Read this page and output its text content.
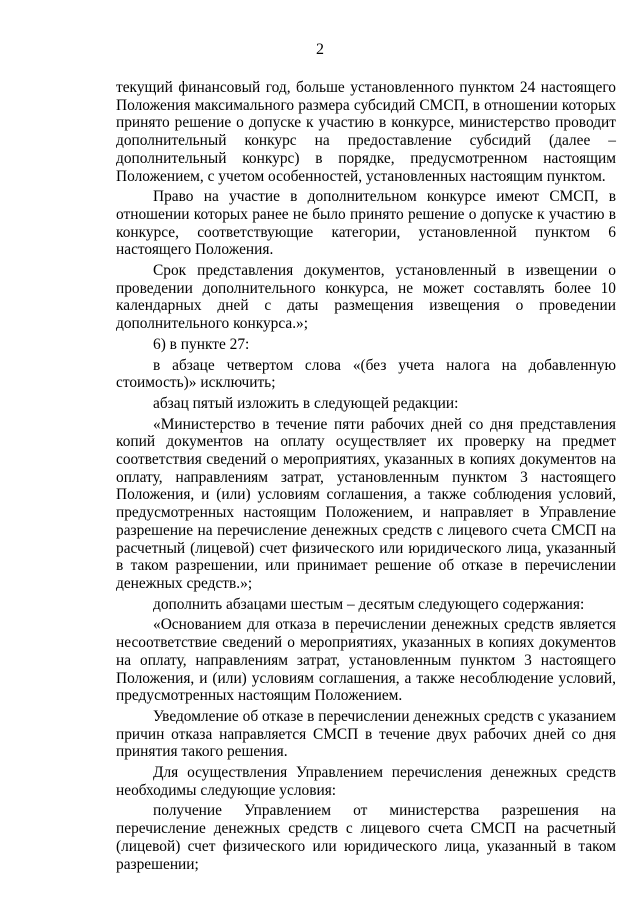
2

текущий финансовый год, больше установленного пунктом 24 настоящего Положения максимального размера субсидий СМСП, в отношении которых принято решение о допуске к участию в конкурсе, министерство проводит дополнительный конкурс на предоставление субсидий (далее – дополнительный конкурс) в порядке, предусмотренном настоящим Положением, с учетом особенностей, установленных настоящим пунктом.

Право на участие в дополнительном конкурсе имеют СМСП, в отношении которых ранее не было принято решение о допуске к участию в конкурсе, соответствующие категории, установленной пунктом 6 настоящего Положения.

Срок представления документов, установленный в извещении о проведении дополнительного конкурса, не может составлять более 10 календарных дней с даты размещения извещения о проведении дополнительного конкурса.»;

6) в пункте 27:

в абзаце четвертом слова «(без учета налога на добавленную стоимость)» исключить;

абзац пятый изложить в следующей редакции:

«Министерство в течение пяти рабочих дней со дня представления копий документов на оплату осуществляет их проверку на предмет соответствия сведений о мероприятиях, указанных в копиях документов на оплату, направлениям затрат, установленным пунктом 3 настоящего Положения, и (или) условиям соглашения, а также соблюдения условий, предусмотренных настоящим Положением, и направляет в Управление разрешение на перечисление денежных средств с лицевого счета СМСП на расчетный (лицевой) счет физического или юридического лица, указанный в таком разрешении, или принимает решение об отказе в перечислении денежных средств.»;

дополнить абзацами шестым – десятым следующего содержания:

«Основанием для отказа в перечислении денежных средств является несоответствие сведений о мероприятиях, указанных в копиях документов на оплату, направлениям затрат, установленным пунктом 3 настоящего Положения, и (или) условиям соглашения, а также несоблюдение условий, предусмотренных настоящим Положением.

Уведомление об отказе в перечислении денежных средств с указанием причин отказа направляется СМСП в течение двух рабочих дней со дня принятия такого решения.

Для осуществления Управлением перечисления денежных средств необходимы следующие условия:

получение Управлением от министерства разрешения на перечисление денежных средств с лицевого счета СМСП на расчетный (лицевой) счет физического или юридического лица, указанный в таком разрешении;
